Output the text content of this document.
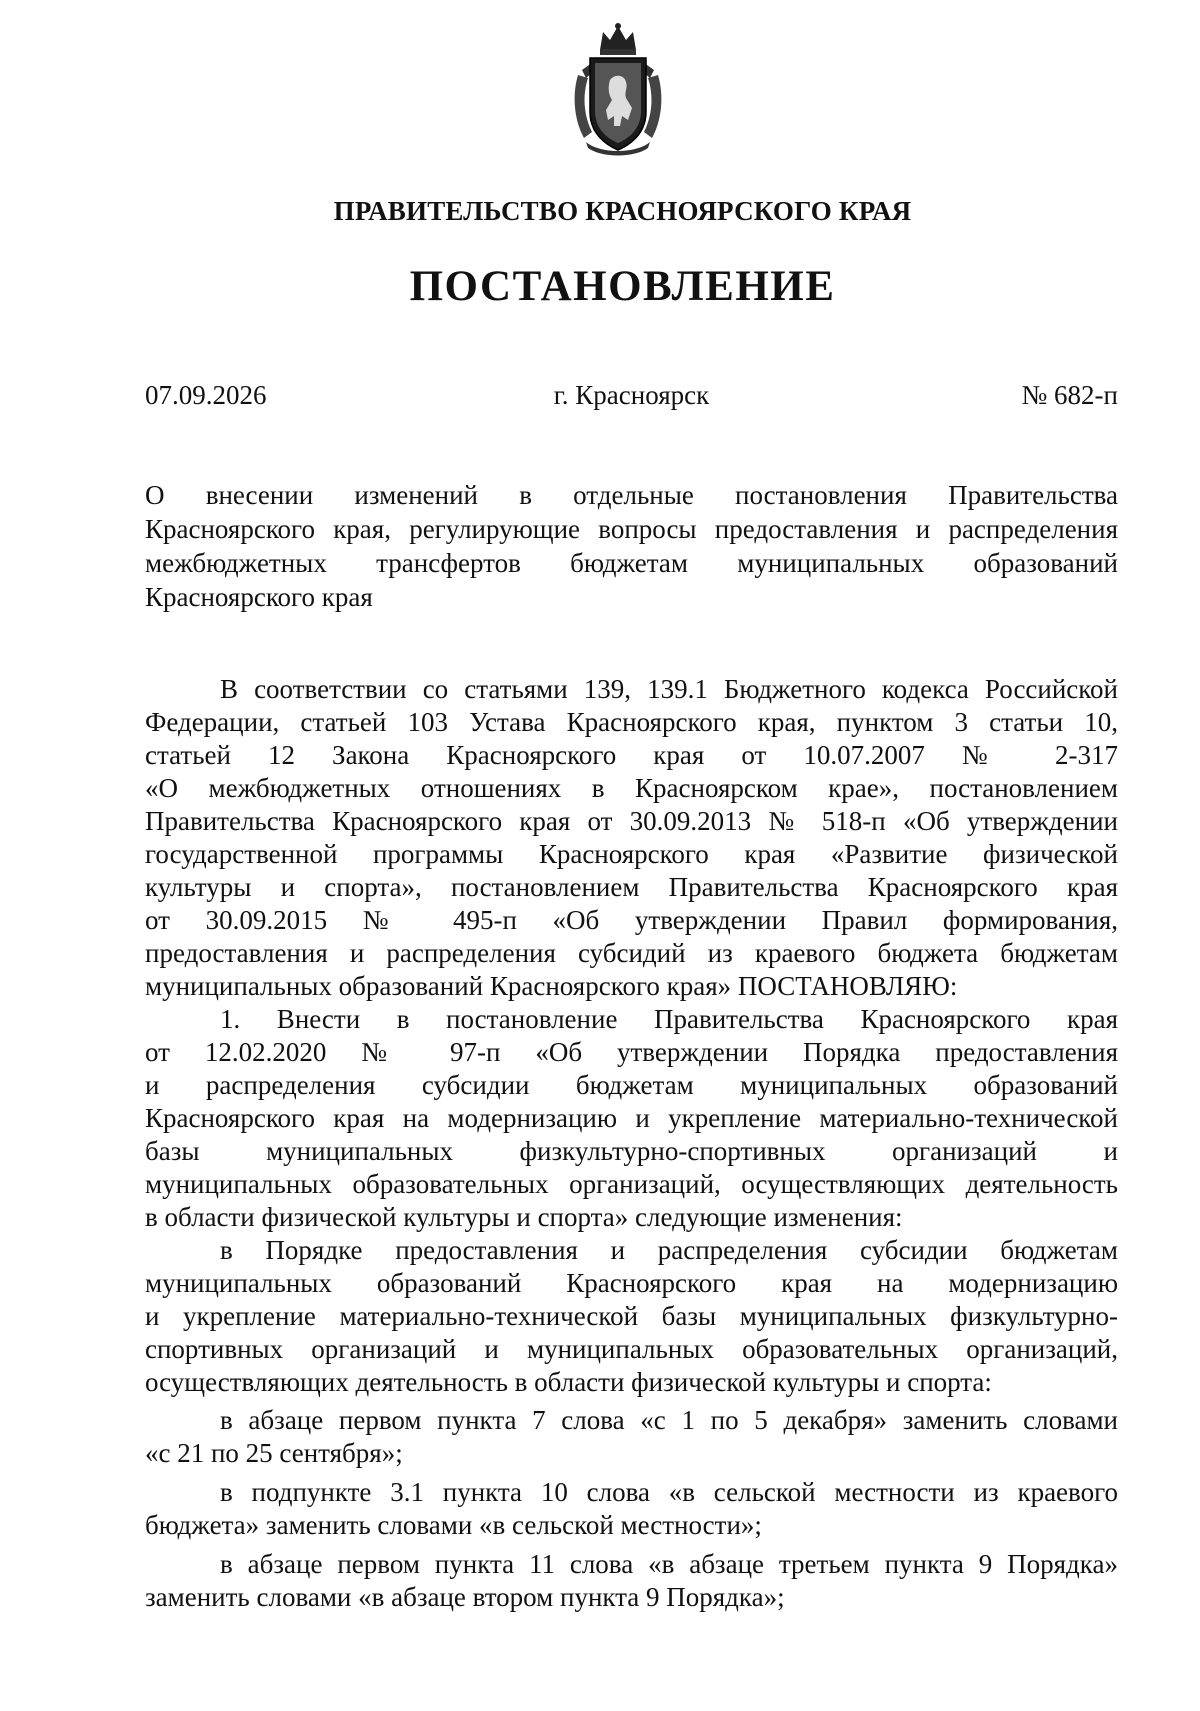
ПРАВИТЕЛЬСТВО КРАСНОЯРСКОГО КРАЯ
ПОСТАНОВЛЕНИЕ
07.09.2026	г. Красноярск	№ 682-п
О внесении изменений в отдельные постановления Правительства
Красноярского края, регулирующие вопросы предоставления и распределения
межбюджетных трансфертов бюджетам муниципальных образований
Красноярского края
В соответствии со статьями 139, 139.1 Бюджетного кодекса Российской
Федерации, статьей 103 Устава Красноярского края, пунктом 3 статьи 10,
статьей 12 Закона Красноярского края от 10.07.2007 № 2-317
«О межбюджетных отношениях в Красноярском крае», постановлением
Правительства Красноярского края от 30.09.2013 № 518-п «Об утверждении
государственной программы Красноярского края «Развитие физической
культуры и спорта», постановлением Правительства Красноярского края
от 30.09.2015 № 495-п «Об утверждении Правил формирования,
предоставления и распределения субсидий из краевого бюджета бюджетам
муниципальных образований Красноярского края» ПОСТАНОВЛЯЮ:
1. Внести в постановление Правительства Красноярского края
от 12.02.2020 № 97-п «Об утверждении Порядка предоставления
и распределения субсидии бюджетам муниципальных образований
Красноярского края на модернизацию и укрепление материально-технической
базы муниципальных физкультурно-спортивных организаций и
муниципальных образовательных организаций, осуществляющих деятельность
в области физической культуры и спорта» следующие изменения:
в Порядке предоставления и распределения субсидии бюджетам
муниципальных образований Красноярского края на модернизацию
и укрепление материально-технической базы муниципальных физкультурно-
спортивных организаций и муниципальных образовательных организаций,
осуществляющих деятельность в области физической культуры и спорта:
в абзаце первом пункта 7 слова «с 1 по 5 декабря» заменить словами
«с 21 по 25 сентября»;
в подпункте 3.1 пункта 10 слова «в сельской местности из краевого
бюджета» заменить словами «в сельской местности»;
в абзаце первом пункта 11 слова «в абзаце третьем пункта 9 Порядка»
заменить словами «в абзаце втором пункта 9 Порядка»;
